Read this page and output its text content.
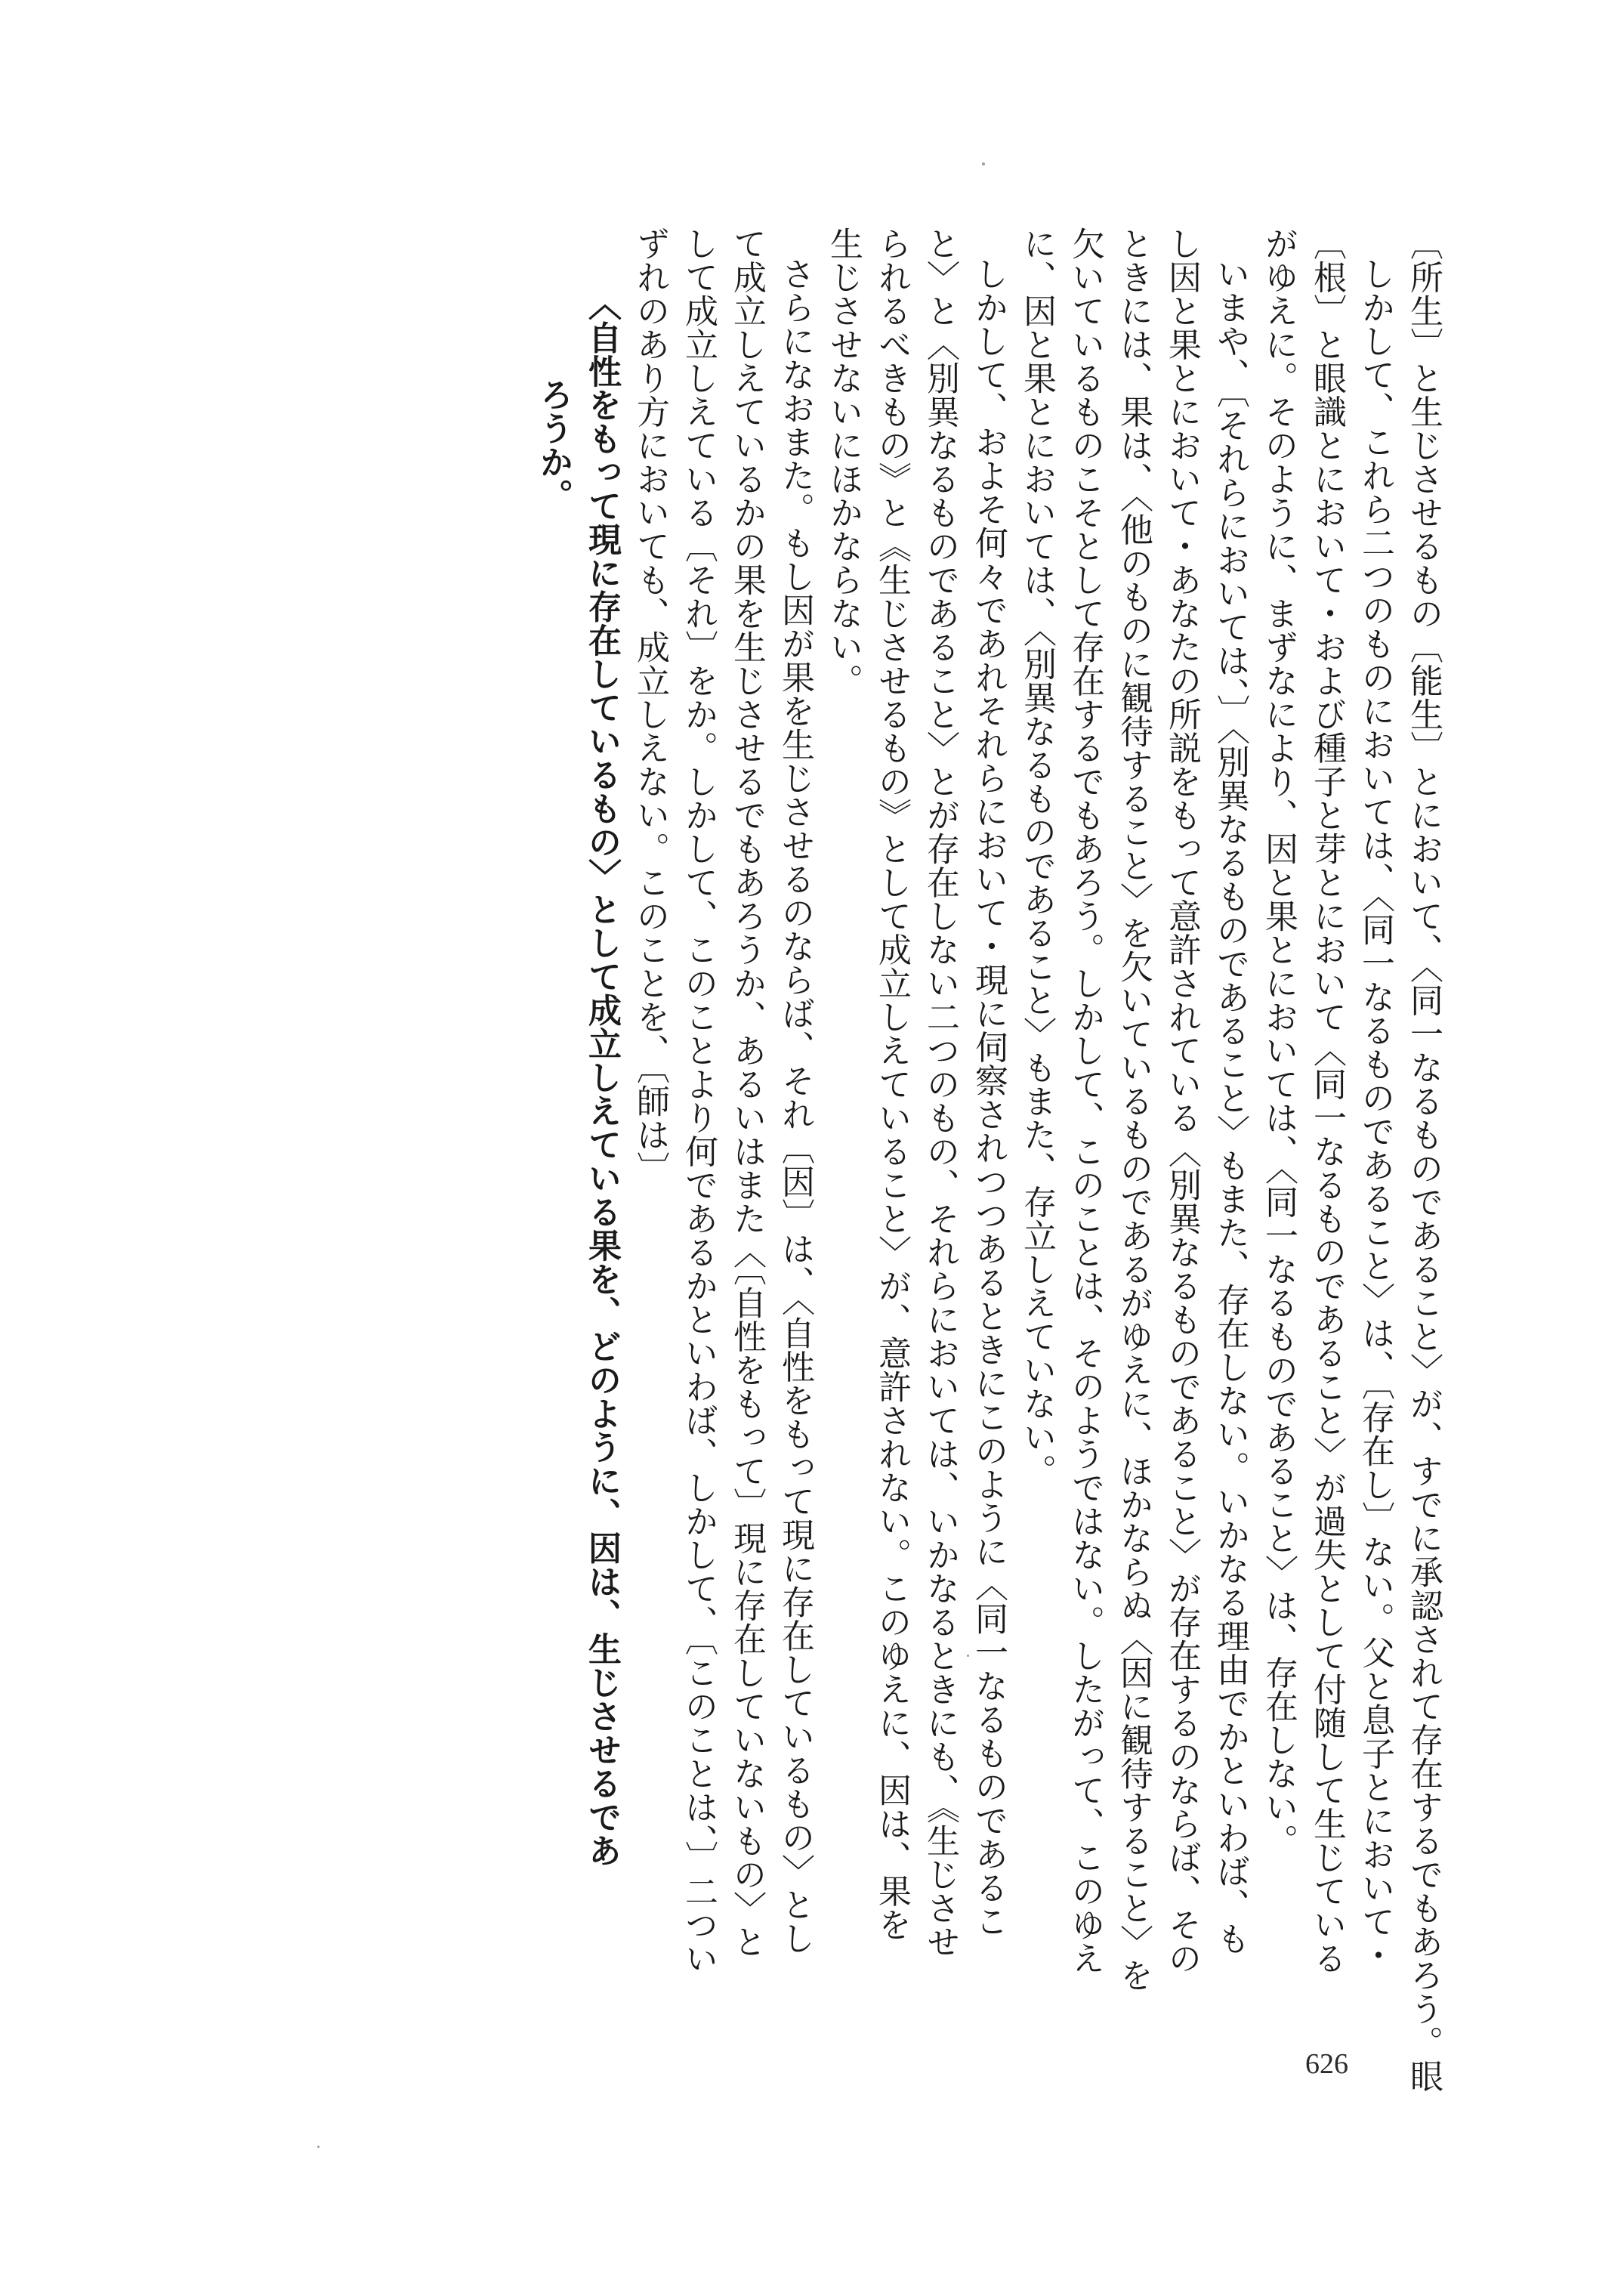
〔所生〕と生じさせるもの〔能生〕とにおいて、〈同一なるものであること〉が、すでに承認されて存在するでもあろう。眼
しかして、これら二つのものにおいては、〈同一なるものであること〉は、〔存在し〕ない。父と息子とにおいて・
〔根〕と眼識とにおいて・および種子と芽とにおいて〈同一なるものであること〉が過失として付随して生じている
がゆえに。そのように、まずなにより、因と果とにおいては、〈同一なるものであること〉は、存在しない。
いまや、〔それらにおいては、〕〈別異なるものであること〉もまた、存在しない。いかなる理由でかといわば、も
し因と果とにおいて・あなたの所説をもって意許されている〈別異なるものであること〉が存在するのならば、その
ときには、果は、〈他のものに観待すること〉を欠いているものであるがゆえに、ほかならぬ〈因に観待すること〉を
欠いているものこそとして存在するでもあろう。しかして、このことは、そのようではない。したがって、このゆえ
に、因と果とにおいては、〈別異なるものであること〉もまた、存立しえていない。
しかして、およそ何々であれそれらにおいて・現に伺察されつつあるときにこのように〈同一なるものであるこ
と〉と〈別異なるものであること〉とが存在しない二つのもの、それらにおいては、いかなるときにも、《生じさせ
られるべきもの》と《生じさせるもの》として成立しえていること〉が、意許されない。このゆえに、因は、果を
生じさせないにほかならない。
さらになおまた。もし因が果を生じさせるのならば、それ〔因〕は、〈自性をもって現に存在しているもの〉とし
て成立しえているかの果を生じさせるでもあろうか、あるいはまた〈〔自性をもって〕現に存在していないもの〉と
して成立しえている〔それ〕をか。しかして、このことより何であるかといわば、しかして、〔このことは、〕二つい
ずれのあり方においても、成立しえない。このことを、〔師は〕
〈自性をもって現に存在しているもの〉として成立しえている果を、どのように、因は、生じさせるであ
ろうか。
626
